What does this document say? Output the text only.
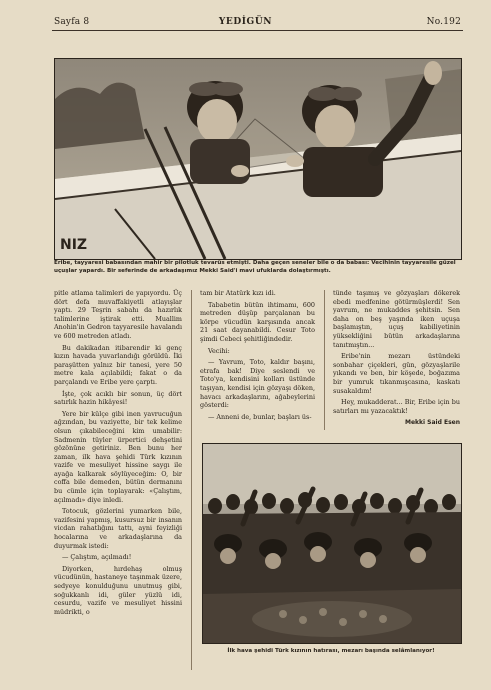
Sayfa 8	YEDİGÜN	No.192
NIZ
Eribe, tayyaresi babasından mahir bir pilotluk tevarüs etmişti. Daha geçen seneler bile o da babası: Vecihinin tayyaresile güzel uçuşlar yapardı. Bir seferinde de arkadaşımız Mekki Said'i mavi ufuklarda dolaştırmıştı.

pitle atlama talimleri de yapıyordu. Üç dört defa muvaffakiyetli atlayışlar yaptı. 29 Teşrin sabahı da hazırlık talimlerine iştirak etti. Muallim Anohin'in Gedron tayyaresile havalandı ve 600 metreden atladı.

Bu dakikadan itibarendir ki genç kızın havada yuvarlandığı görüldü. İki paraşütten yalnız bir tanesi, yere 50 metre kala açılabildi; fakat o da parçalandı ve Eribe yere çarptı.

İşte, çok acıklı bir sonun, üç dört satırlık hazin hikâyesi!

Yere bir külçe gibi inen yavrucuğun ağzından, bu vaziyette, bir tek kelime olsun çıkabileceğini kim umabilir: Sadmenin tüyler ürpertici dehşetini gözönüne getiriniz. Ben bunu her zaman, ilk hava şehidi Türk kızının vazife ve mesuliyet hissine saygı ile ayağa kalkarak söylüyeceğim: O, bir coffa bile demeden, bütün dermanını bu cümle için toplayarak: «Çalıştım, açılmadı» diye inledi.

Totocuk, gözlerini yumarken bile, vazifesini yapmış, kusursuz bir insanın vicdan rahatlığını tattı, ayni feyizliği hocalarına ve arkadaşlarına da duyurmak istedi:

— Çalıştım, açılmadı!

Diyorken, hırdehaş olmuş vücudünün, hastaneye taşınmak üzere, sedyeye konulduğunu unutmuş gibi, soğukkanlı idi, güler yüzlü idi, cesurdu, vazife ve mesuliyet hissini müdrikti, o

tam bir Atatürk kızı idi.

Tababetin bütün ihtimamı, 600 metreden düşüp parçalanan bu körpe vücudün karşısında ancak 21 saat dayanabildi. Cesur Toto şimdi Cebeci şehitliğindedir.

Vecihi:

— Yavrum, Toto, kaldır başını, etrafa bak! Diye seslendi ve Toto'ya, kendisini kolları üstünde taşıyan, kendisi için gözyaşı döken, havacı arkadaşlarını, ağabeylerini gösterdi:

— Anneni de, bunlar, başları üs-

tünde taşımış ve gözyaşları dökerek ebedi medfenine götürmüşlerdi! Sen yavrum, ne mukaddes şehitsin. Sen daha on beş yaşında iken uçuşa başlamıştın, uçuş kabiliyetinin yüksekliğini bütün arkadaşlarına tanıtmıştın...

Eribe'nin mezarı üstündeki sonbahar çiçekleri, gün, gözyaşlarile yıkandı ve ben, bir köşede, boğazıma bir yumruk tıkanmışcasına, kaskatı susakaldım!

Hey, mukadderat... Bir, Eribe için bu satırları mı yazacaktık!

Mekki Said Esen
İlk hava şehidi Türk kızının hatırası, mezarı başında selâmlanıyor!
